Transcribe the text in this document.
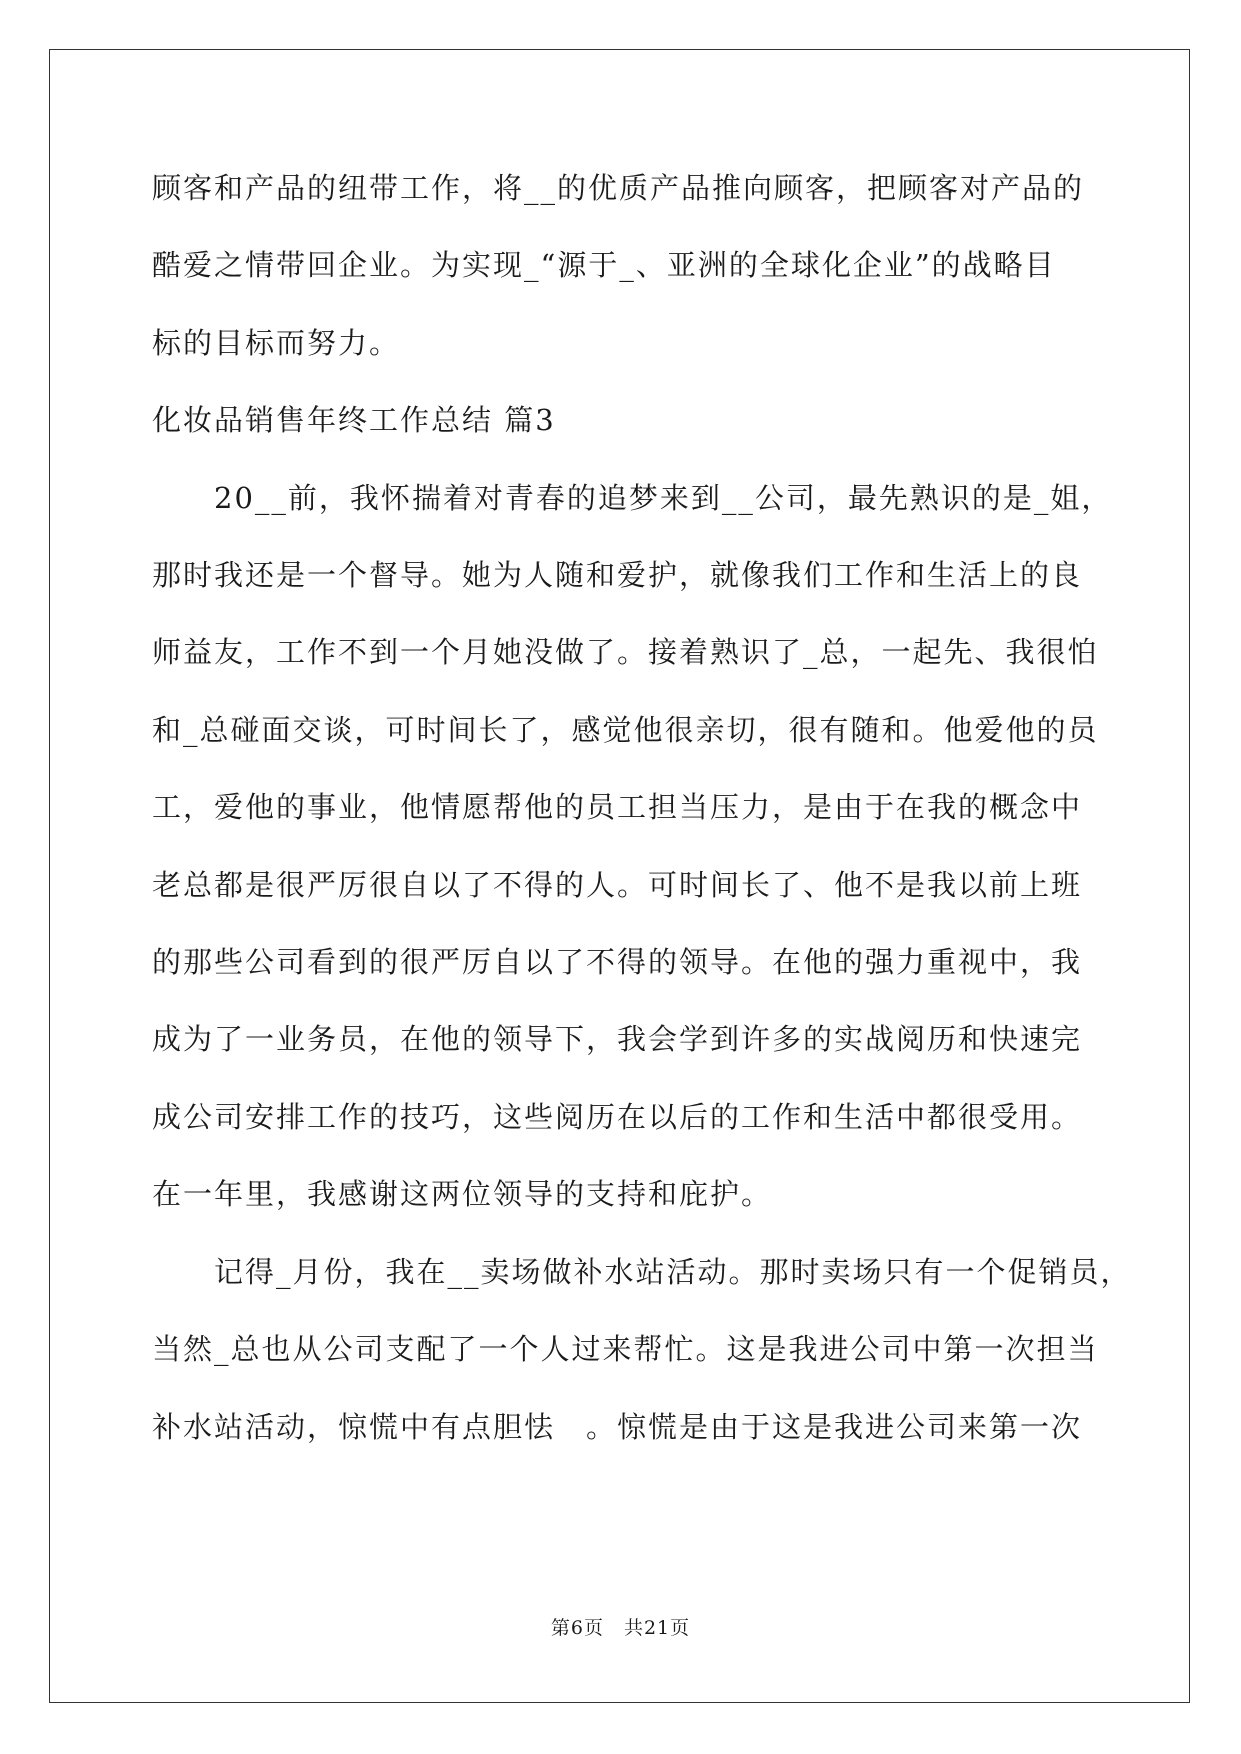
顾客和产品的纽带工作，将__的优质产品推向顾客，把顾客对产品的
酷爱之情带回企业。为实现_“源于_、亚洲的全球化企业”的战略目
标的目标而努力。
化妆品销售年终工作总结 篇3
　　20__前，我怀揣着对青春的追梦来到__公司，最先熟识的是_姐，
那时我还是一个督导。她为人随和爱护，就像我们工作和生活上的良
师益友，工作不到一个月她没做了。接着熟识了_总，一起先、我很怕
和_总碰面交谈，可时间长了，感觉他很亲切，很有随和。他爱他的员
工，爱他的事业，他情愿帮他的员工担当压力，是由于在我的概念中
老总都是很严厉很自以了不得的人。可时间长了、他不是我以前上班
的那些公司看到的很严厉自以了不得的领导。在他的强力重视中，我
成为了一业务员，在他的领导下，我会学到许多的实战阅历和快速完
成公司安排工作的技巧，这些阅历在以后的工作和生活中都很受用。
在一年里，我感谢这两位领导的支持和庇护。
　　记得_月份，我在__卖场做补水站活动。那时卖场只有一个促销员，
当然_总也从公司支配了一个人过来帮忙。这是我进公司中第一次担当
补水站活动，惊慌中有点胆怯　。惊慌是由于这是我进公司来第一次
第6页　共21页
